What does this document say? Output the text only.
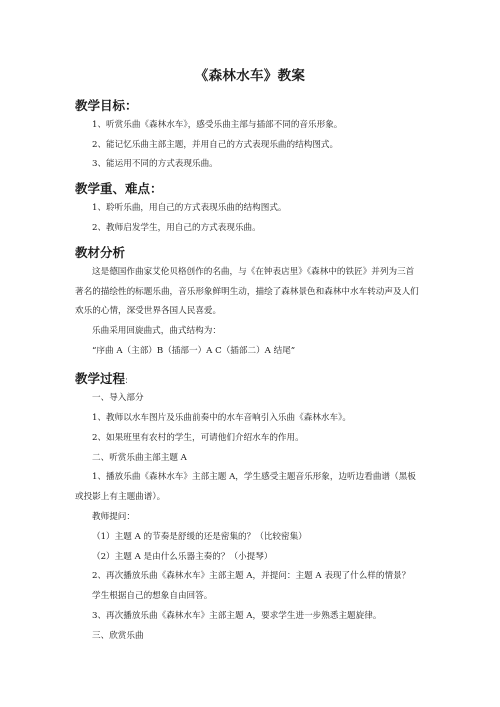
《森林水车》教案
教学目标：
1、听赏乐曲《森林水车》，感受乐曲主部与插部不同的音乐形象。
2、能记忆乐曲主部主题，并用自己的方式表现乐曲的结构图式。
3、能运用不同的方式表现乐曲。
教学重、难点：
1、聆听乐曲，用自己的方式表现乐曲的结构图式。
2、教师启发学生，用自己的方式表现乐曲。
教材分析
这是德国作曲家艾伦贝格创作的名曲，与《在钟表店里》《森林中的铁匠》并列为三首
著名的描绘性的标题乐曲，音乐形象鲜明生动，描绘了森林景色和森林中水车转动声及人们
欢乐的心情，深受世界各国人民喜爱。
乐曲采用回旋曲式，曲式结构为：
“序曲 A（主部）B（插部一）A C（插部二）A 结尾”
教学过程:
一、导入部分
1、教师以水车图片及乐曲前奏中的水车音响引入乐曲《森林水车》。
2、如果班里有农村的学生，可请他们介绍水车的作用。
二、听赏乐曲主部主题 A
1、播放乐曲《森林水车》主部主题 A，学生感受主题音乐形象，边听边看曲谱（黑板
或投影上有主题曲谱）。
教师提问：
（1）主题 A 的节奏是舒缓的还是密集的？（比较密集）
（2）主题 A 是由什么乐器主奏的？（小提琴）
2、再次播放乐曲《森林水车》主部主题 A，并提问：主题 A 表现了什么样的情景？
学生根据自己的想象自由回答。
3、再次播放乐曲《森林水车》主部主题 A，要求学生进一步熟悉主题旋律。
三、欣赏乐曲
